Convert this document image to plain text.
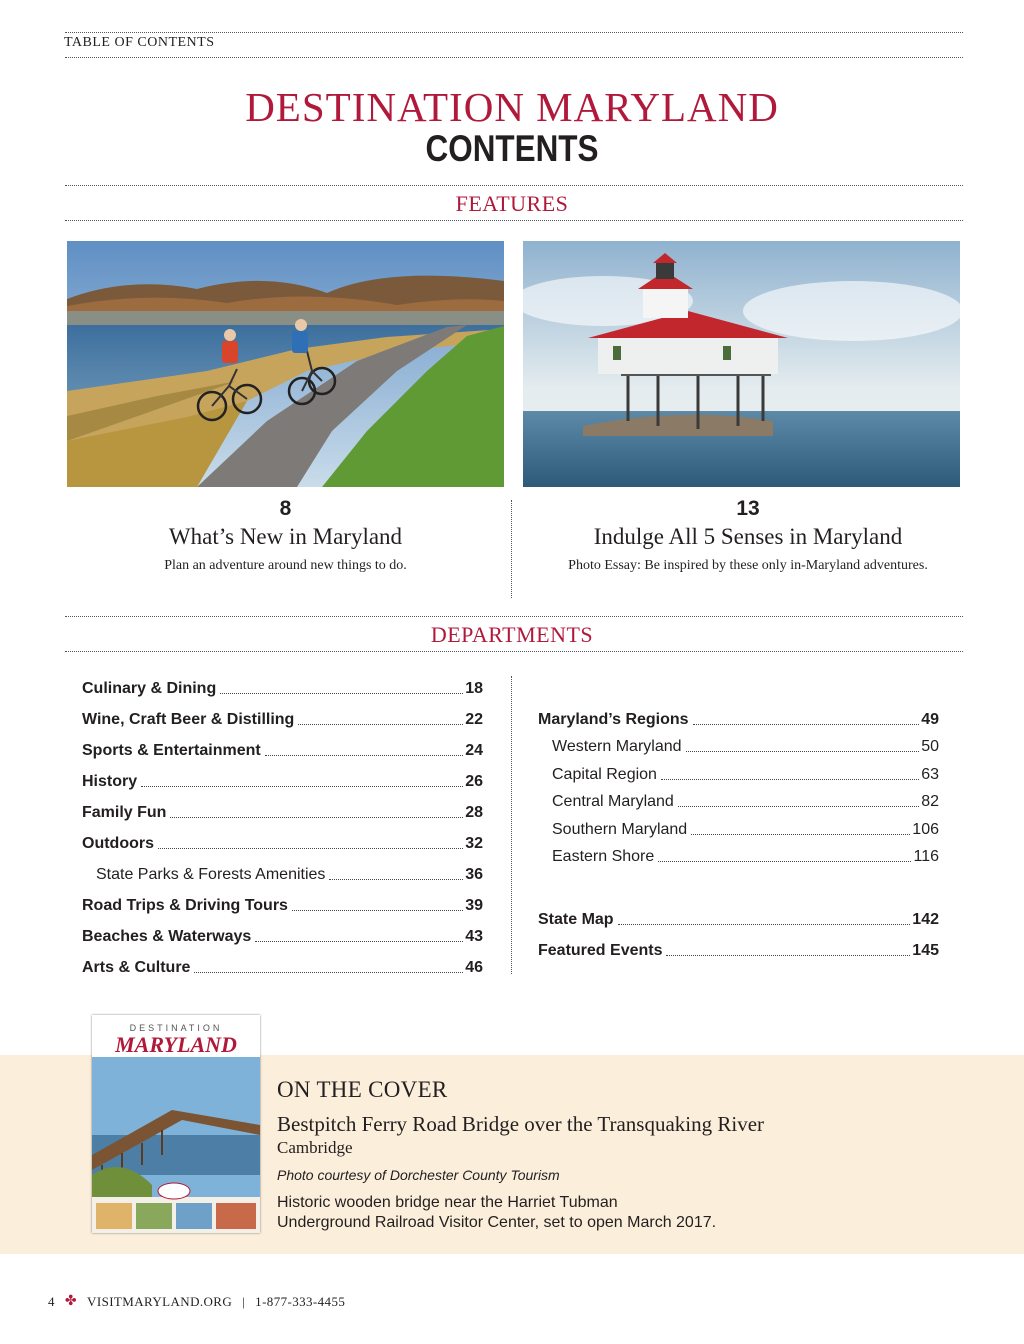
TABLE OF CONTENTS
DESTINATION MARYLAND
CONTENTS
FEATURES
8
What’s New in Maryland
Plan an adventure around new things to do.
13
Indulge All 5 Senses in Maryland
Photo Essay: Be inspired by these only in-Maryland adventures.
DEPARTMENTS
Culinary & Dining	18
Wine, Craft Beer & Distilling	22
Sports & Entertainment	24
History	26
Family Fun	28
Outdoors	32
State Parks & Forests Amenities	36
Road Trips & Driving Tours	39
Beaches & Waterways	43
Arts & Culture	46
Maryland’s Regions	49
Western Maryland	50
Capital Region	63
Central Maryland	82
Southern Maryland	106
Eastern Shore	116
State Map	142
Featured Events	145
DESTINATION
MARYLAND
ON THE COVER
Bestpitch Ferry Road Bridge over the Transquaking River
Cambridge
Photo courtesy of Dorchester County Tourism
Historic wooden bridge near the Harriet Tubman
Underground Railroad Visitor Center, set to open March 2017.
4 ✤ VISITMARYLAND.ORG | 1-877-333-4455
